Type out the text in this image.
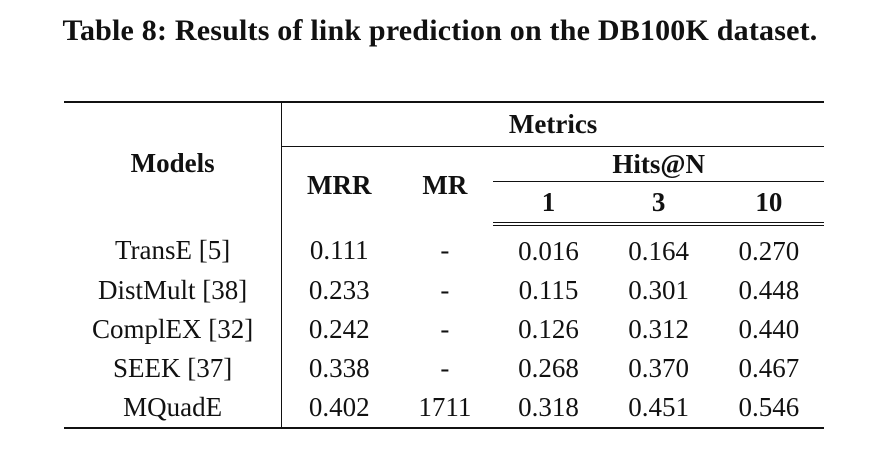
Table 8: Results of link prediction on the DB100K dataset.
Models	Metrics				
	MRR	MR	Hits@N		
			1	3	10
TransE [5]	0.111	-	0.016	0.164	0.270
DistMult [38]	0.233	-	0.115	0.301	0.448
ComplEX [32]	0.242	-	0.126	0.312	0.440
SEEK [37]	0.338	-	0.268	0.370	0.467
MQuadE	0.402	1711	0.318	0.451	0.546
